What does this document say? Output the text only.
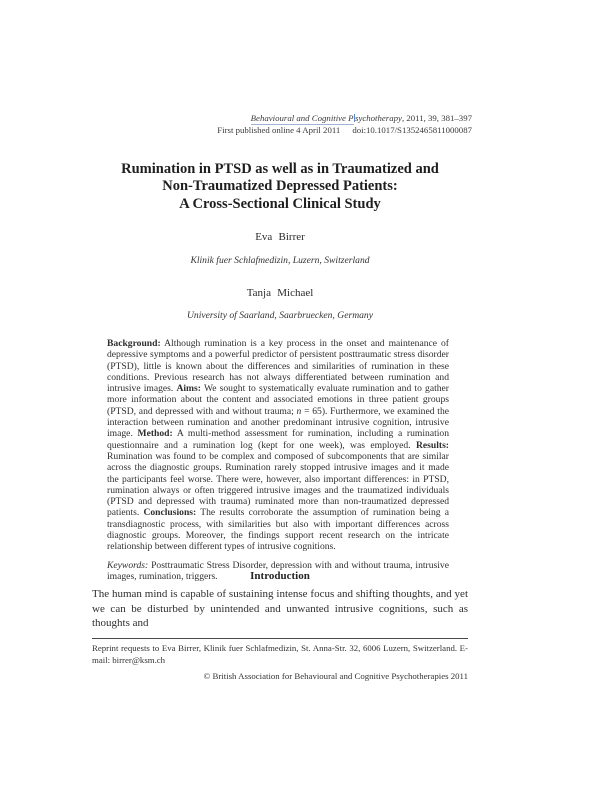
Behavioural and Cognitive P sychotherapy, 2011, 39, 381–397
First published online 4 April 2011 doi:10.1017/S1352465811000087
Rumination in PTSD as well as in Traumatized and
Non-Traumatized Depressed Patients:
A Cross-Sectional Clinical Study
Eva Birrer
Klinik fuer Schlafmedizin, Luzern, Switzerland
Tanja Michael
University of Saarland, Saarbruecken, Germany

Background: Although rumination is a key process in the onset and maintenance of depressive symptoms and a powerful predictor of persistent posttraumatic stress disorder (PTSD), little is known about the differences and similarities of rumination in these conditions. Previous research has not always differentiated between rumination and intrusive images. Aims: We sought to systematically evaluate rumination and to gather more information about the content and associated emotions in three patient groups (PTSD, and depressed with and without trauma; n = 65). Furthermore, we examined the interaction between rumination and another predominant intrusive cognition, intrusive image. Method: A multi-method assessment for rumination, including a rumination questionnaire and a rumination log (kept for one week), was employed. Results: Rumination was found to be complex and composed of subcomponents that are similar across the diagnostic groups. Rumination rarely stopped intrusive images and it made the participants feel worse. There were, however, also important differences: in PTSD, rumination always or often triggered intrusive images and the traumatized individuals (PTSD and depressed with trauma) ruminated more than non-traumatized depressed patients. Conclusions: The results corroborate the assumption of rumination being a transdiagnostic process, with similarities but also with important differences across diagnostic groups. Moreover, the findings support recent research on the intricate relationship between different types of intrusive cognitions.

Keywords: Posttraumatic Stress Disorder, depression with and without trauma, intrusive images, rumination, triggers.	Introduction

The human mind is capable of sustaining intense focus and shifting thoughts, and yet we can be disturbed by unintended and unwanted intrusive cognitions, such as thoughts and

Reprint requests to Eva Birrer, Klinik fuer Schlafmedizin, St. Anna-Str. 32, 6006 Luzern, Switzerland. E-mail: birrer@ksm.ch

© British Association for Behavioural and Cognitive Psychotherapies 2011
